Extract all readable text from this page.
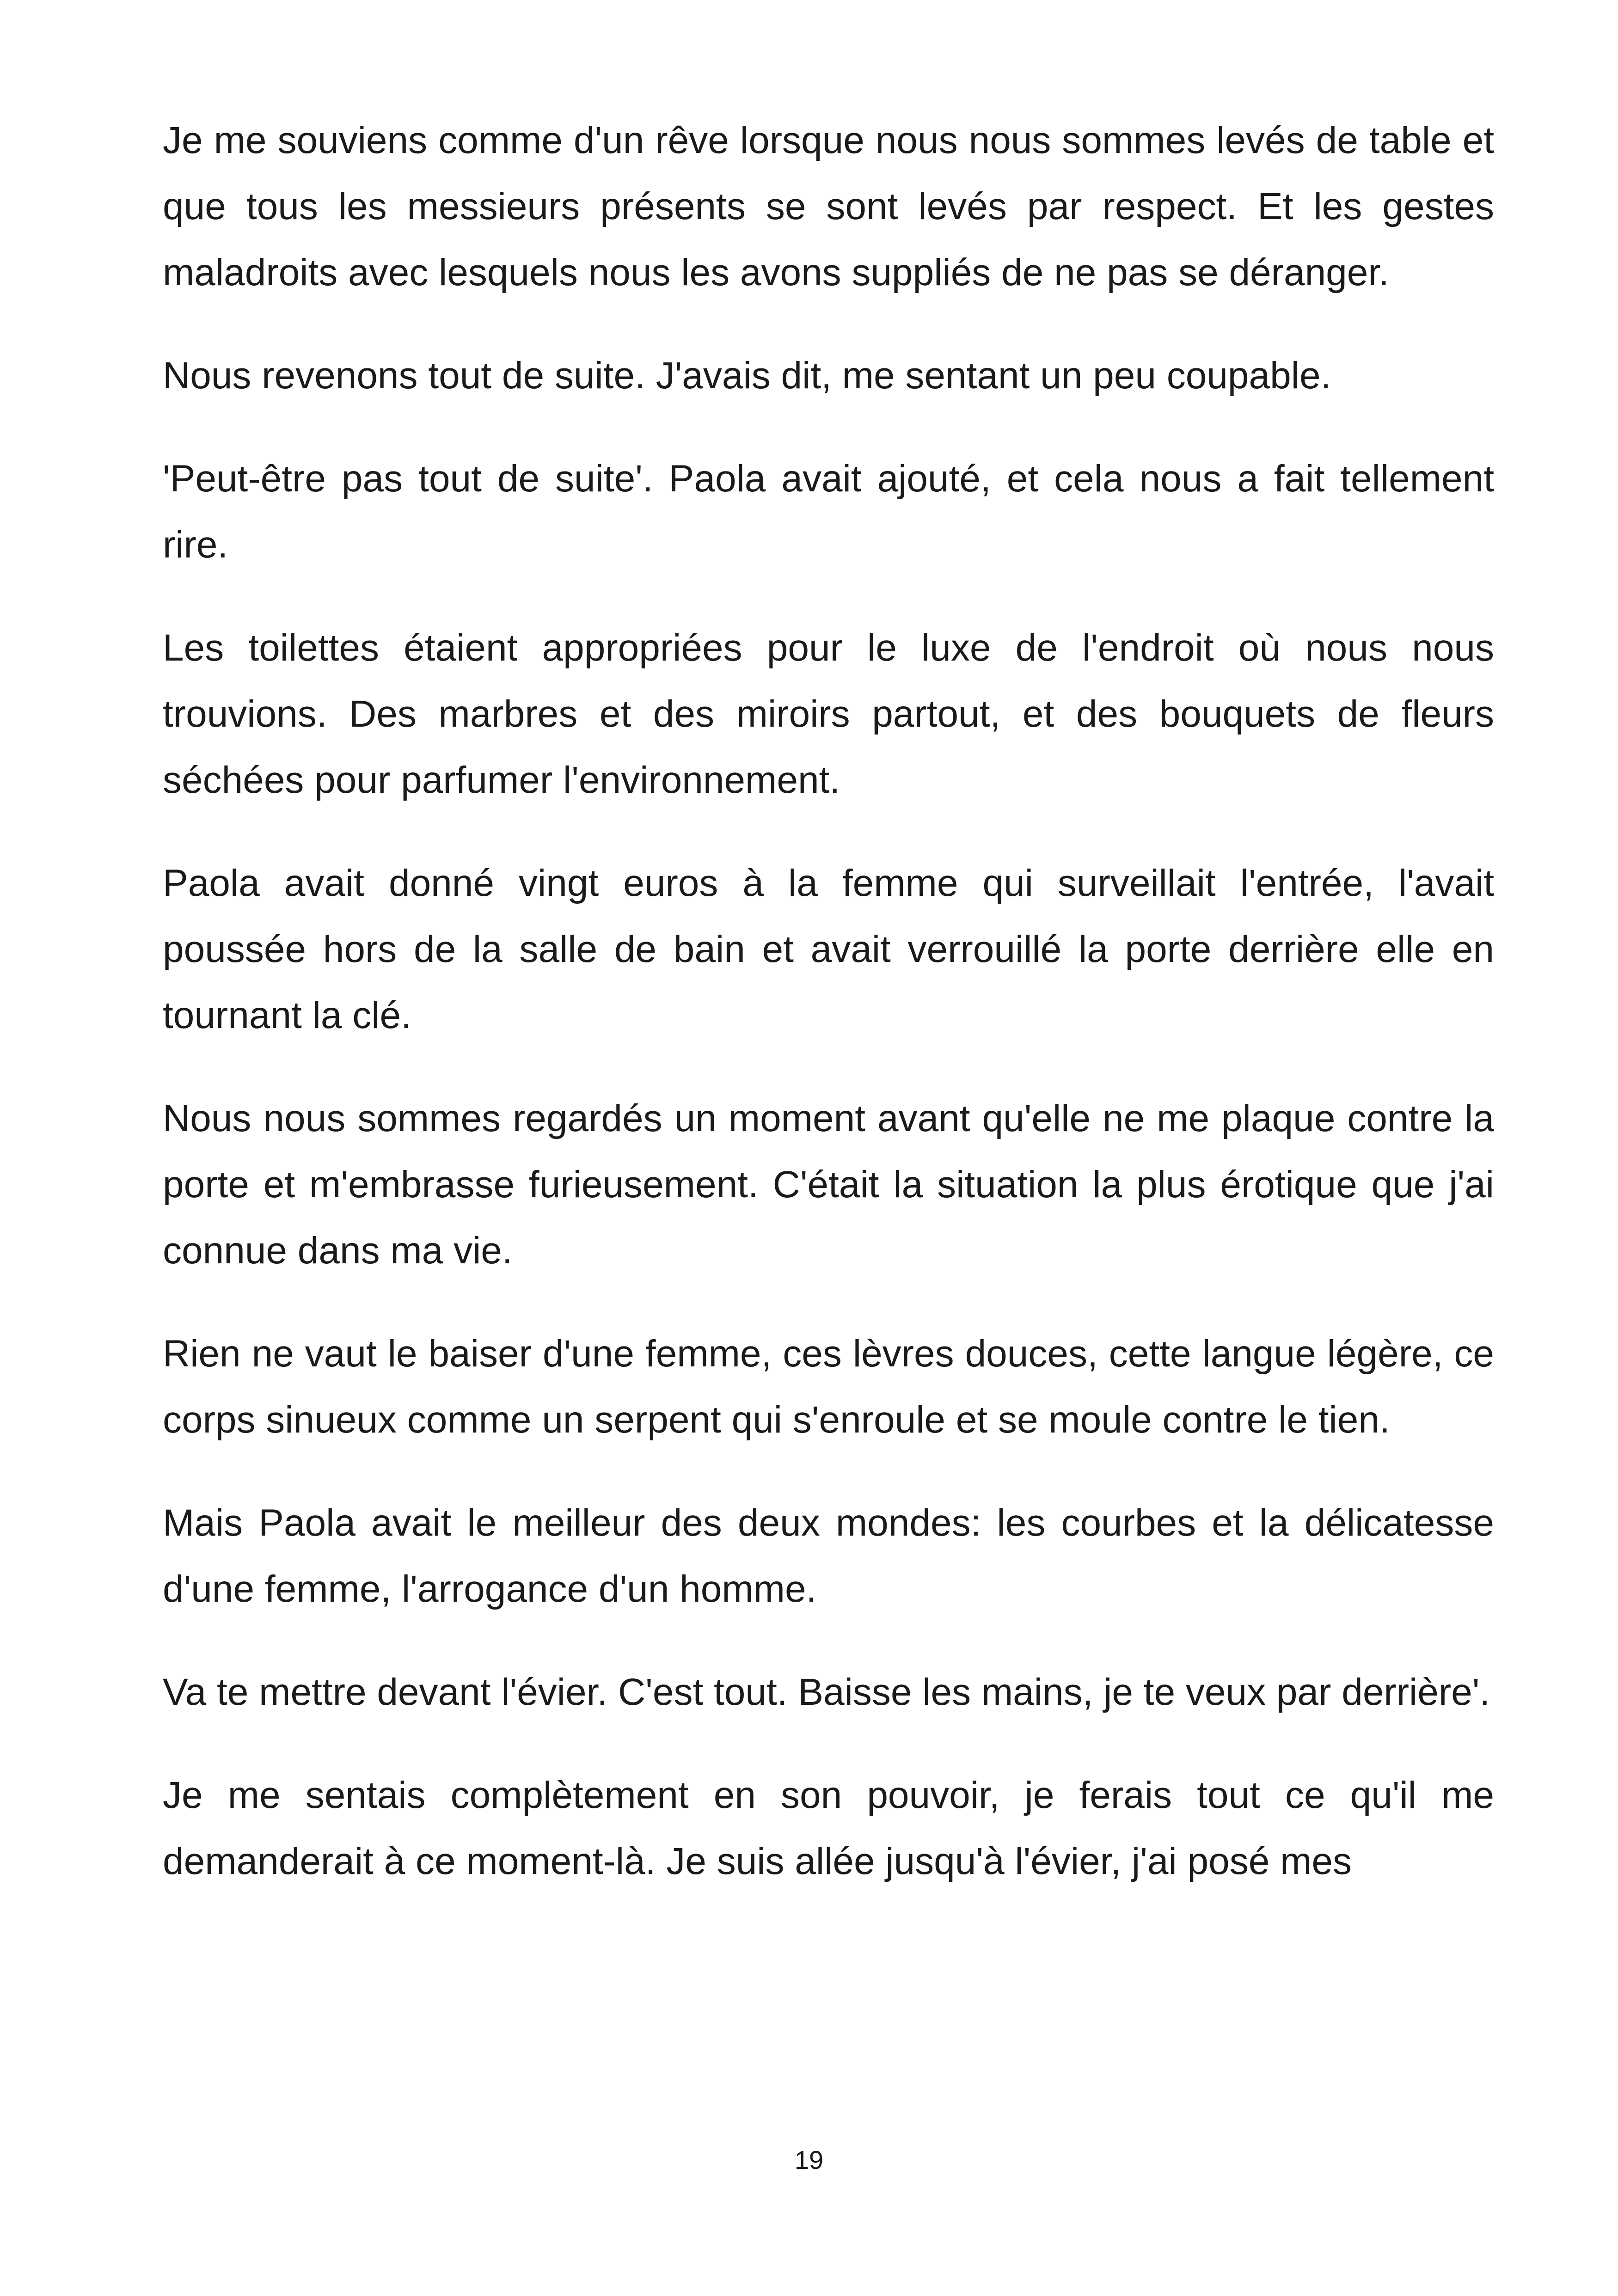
Je me souviens comme d'un rêve lorsque nous nous sommes levés de table et que tous les messieurs présents se sont levés par respect. Et les gestes maladroits avec lesquels nous les avons suppliés de ne pas se déranger.

Nous revenons tout de suite. J'avais dit, me sentant un peu coupable.

'Peut-être pas tout de suite'. Paola avait ajouté, et cela nous a fait tellement rire.

Les toilettes étaient appropriées pour le luxe de l'endroit où nous nous trouvions. Des marbres et des miroirs partout, et des bouquets de fleurs séchées pour parfumer l'environnement.

Paola avait donné vingt euros à la femme qui surveillait l'entrée, l'avait poussée hors de la salle de bain et avait verrouillé la porte derrière elle en tournant la clé.

Nous nous sommes regardés un moment avant qu'elle ne me plaque contre la porte et m'embrasse furieusement. C'était la situation la plus érotique que j'ai connue dans ma vie.

Rien ne vaut le baiser d'une femme, ces lèvres douces, cette langue légère, ce corps sinueux comme un serpent qui s'enroule et se moule contre le tien.

Mais Paola avait le meilleur des deux mondes: les courbes et la délicatesse d'une femme, l'arrogance d'un homme.

Va te mettre devant l'évier. C'est tout. Baisse les mains, je te veux par derrière'.

Je me sentais complètement en son pouvoir, je ferais tout ce qu'il me demanderait à ce moment-là. Je suis allée jusqu'à l'évier, j'ai posé mes

19
